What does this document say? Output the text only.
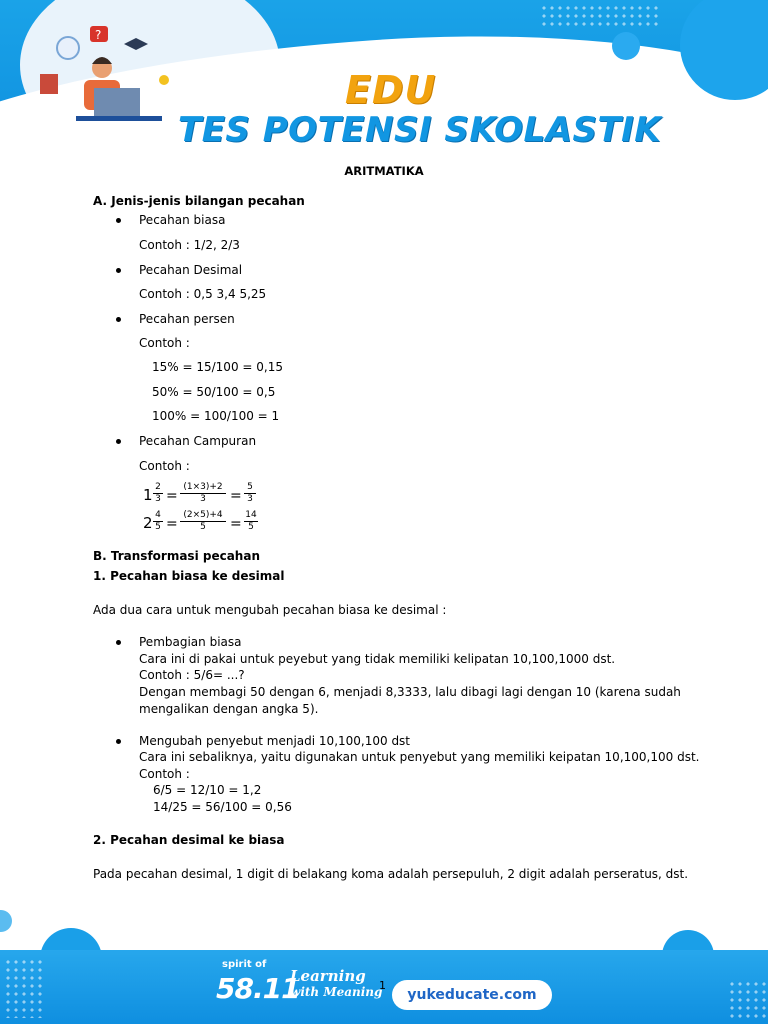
?
EDU
TES POTENSI SKOLASTIK
ARITMATIKA
A. Jenis-jenis bilangan pecahan
Pecahan biasa
Contoh : 1/2, 2/3
Pecahan Desimal
Contoh : 0,5 3,4 5,25
Pecahan persen
Contoh :
15% = 15/100 = 0,15
50% = 50/100 = 0,5
100% = 100/100 = 1
Pecahan Campuran
Contoh :
1 2
3 =
(1×3)+2
3	=
5
3
2 4
5 =
(2×5)+4
5	=
14
5
B. Transformasi pecahan
1. Pecahan biasa ke desimal
Ada dua cara untuk mengubah pecahan biasa ke desimal :
Pembagian biasa
Cara ini di pakai untuk peyebut yang tidak memiliki kelipatan 10,100,1000 dst.
Contoh : 5/6= ...?
Dengan membagi 50 dengan 6, menjadi 8,3333, lalu dibagi lagi dengan 10 (karena sudah
mengalikan dengan angka 5).
Mengubah penyebut menjadi 10,100,100 dst
Cara ini sebaliknya, yaitu digunakan untuk penyebut yang memiliki keipatan 10,100,100 dst.
Contoh :
6/5 = 12/10 = 1,2
14/25 = 56/100 = 0,56
2. Pecahan desimal ke biasa
Pada pecahan desimal, 1 digit di belakang koma adalah persepuluh, 2 digit adalah perseratus, dst.
spirit of
58.11
Learning
with Meaning	yukeducate.com
1
